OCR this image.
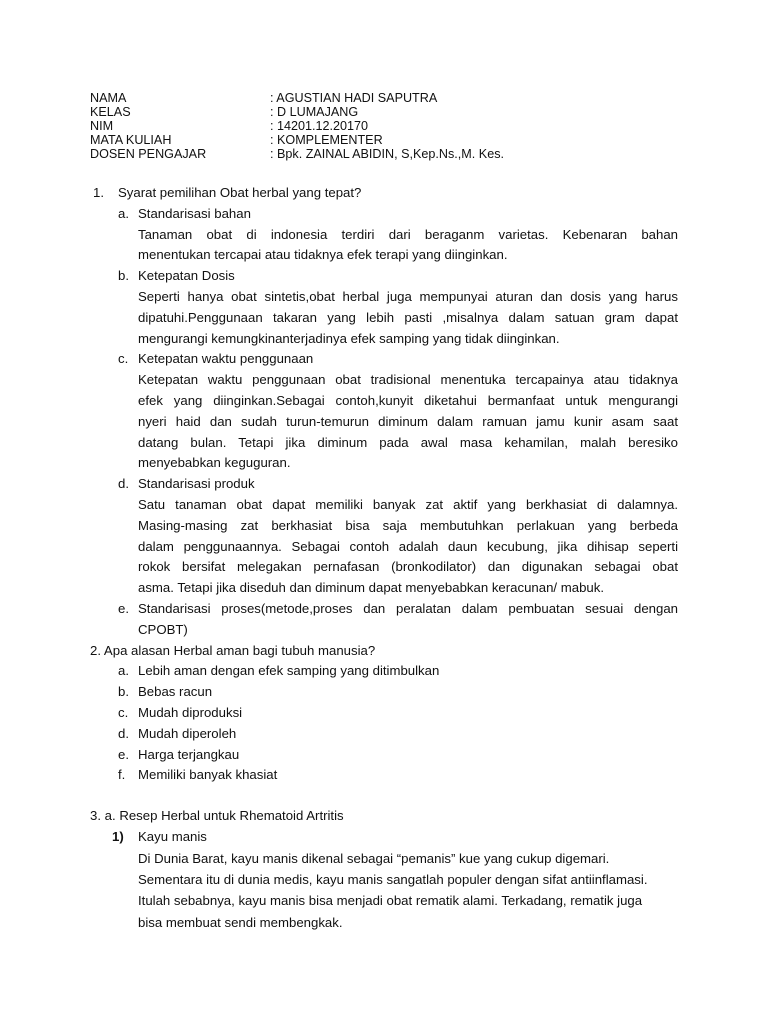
NAMA	: AGUSTIAN HADI SAPUTRA
KELAS	: D LUMAJANG
NIM	: 14201.12.20170
MATA KULIAH	: KOMPLEMENTER
DOSEN PENGAJAR	: Bpk. ZAINAL ABIDIN, S,Kep.Ns.,M. Kes.
1. Syarat pemilihan Obat herbal yang tepat?
a. Standarisasi bahan
Tanaman obat di indonesia terdiri dari beraganm varietas. Kebenaran bahan
menentukan tercapai atau tidaknya efek terapi yang diinginkan.
b. Ketepatan Dosis
Seperti hanya obat sintetis,obat herbal juga mempunyai aturan dan dosis yang harus
dipatuhi.Penggunaan takaran yang lebih pasti ,misalnya dalam satuan gram dapat
mengurangi kemungkinanterjadinya efek samping yang tidak diinginkan.
c. Ketepatan waktu penggunaan
Ketepatan waktu penggunaan obat tradisional menentuka tercapainya atau tidaknya
efek yang diinginkan.Sebagai contoh,kunyit diketahui bermanfaat untuk mengurangi
nyeri haid dan sudah turun-temurun diminum dalam ramuan jamu kunir asam saat
datang bulan. Tetapi jika diminum pada awal masa kehamilan, malah beresiko
menyebabkan keguguran.
d. Standarisasi produk
Satu tanaman obat dapat memiliki banyak zat aktif yang berkhasiat di dalamnya.
Masing-masing zat berkhasiat bisa saja membutuhkan perlakuan yang berbeda
dalam penggunaannya. Sebagai contoh adalah daun kecubung, jika dihisap seperti
rokok bersifat melegakan pernafasan (bronkodilator) dan digunakan sebagai obat
asma. Tetapi jika diseduh dan diminum dapat menyebabkan keracunan/ mabuk.
e. Standarisasi proses(metode,proses dan peralatan dalam pembuatan sesuai dengan
CPOBT)
2. Apa alasan Herbal aman bagi tubuh manusia?
a. Lebih aman dengan efek samping yang ditimbulkan
b. Bebas racun
c. Mudah diproduksi
d. Mudah diperoleh
e. Harga terjangkau
f. Memiliki banyak khasiat
3. a. Resep Herbal untuk Rhematoid Artritis
1) Kayu manis
Di Dunia Barat, kayu manis dikenal sebagai “pemanis” kue yang cukup digemari.
Sementara itu di dunia medis, kayu manis sangatlah populer dengan sifat antiinflamasi.
Itulah sebabnya, kayu manis bisa menjadi obat rematik alami. Terkadang, rematik juga
bisa membuat sendi membengkak.
